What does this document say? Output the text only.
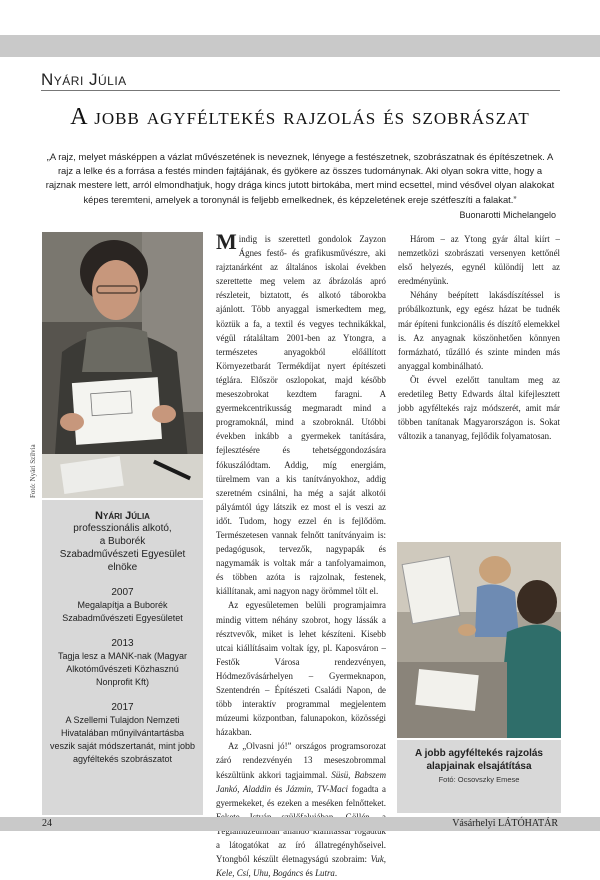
Nyári Júlia
A jobb agyféltekés rajzolás és szobrászat
„A rajz, melyet másképpen a vázlat művészetének is neveznek, lényege a festészetnek, szobrászatnak és építészetnek. A rajz a lelke és a forrása a festés minden fajtájának, és gyökere az összes tudománynak. Aki olyan sokra vitte, hogy a rajznak mestere lett, arról elmondhatjuk, hogy drága kincs jutott birtokába, mert mind ecsettel, mind vésővel olyan alakokat képes teremteni, amelyek a toronynál is feljebb emelkednek, és képzeletének ereje szétfeszíti a falakat.”
Buonarotti Michelangelo
Fotó: Nyári Szilvia
Nyári Júlia
professzionális alkotó,
a Buborék
Szabadművészeti Egyesület
elnöke
2007
Megalapítja a Buborék Szabadművészeti Egyesületet
2013
Tagja lesz a MANK-nak (Magyar Alkotóművészeti Közhasznú Nonprofit Kft)
2017
A Szellemi Tulajdon Nemzeti Hivatalában műnyilvántartásba veszik saját módszertanát, mint jobb agyféltekés szobrászatot

Mindig is szerettetl gondolok Zayzon Ágnes festő- és grafikusművészre, aki rajztanárként az általános iskolai években szerettette meg velem az ábrázolás apró részleteit, biztatott, és alkotó táborokba ajánlott. Több anyaggal ismerkedtem meg, köztük a fa, a textil és vegyes technikákkal, végül rátaláltam 2001-ben az Ytongra, a természetes anyagokból előállított Környezetbarát Termékdíjat nyert építészeti téglára. Először oszlopokat, majd később meseszobrokat kezdtem faragni. A gyermekcentrikusság megmaradt mind a programoknál, mind a szobroknál. Utóbbi években inkább a gyermekek tanítására, fejlesztésére és tehetséggondozására fókuszálódtam. Addig, míg energiám, türelmem van a kis tanítványokhoz, addig szeretném csinálni, ha még a saját alkotói pályámtól úgy látszik ez most el is veszi az időt. Tudom, hogy ezzel én is fejlődöm. Természetesen vannak felnőtt tanítványaim is: pedagógusok, tervezők, nagypapák és nagymamák is voltak már a tanfolyamaimon, és többen azóta is rajzolnak, festenek, kiállítanak, ami nagyon nagy örömmel tölt el.

Az egyesületemen belüli programjaimra mindig vittem néhány szobrot, hogy lássák a résztvevők, miket is lehet készíteni. Kisebb utcai kiállításaim voltak így, pl. Kaposváron – Festők Városa rendezvényen, Hódmezővásárhelyen – Gyermeknapon, Szentendrén – Építészeti Családi Napon, de több interaktív programmal megjelentem múzeumi központban, falunapokon, közösségi házakban.

Az „Olvasni jó!” országos programsorozat záró rendezvényén 13 meseszobrommal készültünk akkori tagjaimmal. Süsü, Babszem Jankó, Aladdin és Jázmin, TV-Maci fogadta a gyermekeket, és ezeken a meséken felnőtteket. a látogatókat az író állatregényhőseivel. Ytongból készült életnagyságú szobraim: Vuk, Kele, Csí, Uhu, Bogáncs és Lutra.

Három – az Ytong gyár által kiírt – nemzetközi szobrászati versenyen kettőnél első helyezés, egynél különdíj lett az eredményünk.

Néhány beépített lakásdíszítéssel is próbálkoztunk, egy egész házat be tudnék már építeni funkcionális és díszítő elemekkel is. Az anyagnak köszönhetően könnyen formázható, tűzálló és szinte minden más anyaggal kombinálható.

Öt évvel ezelőtt tanultam meg az eredetileg Betty Edwards által kifejlesztett jobb agyféltekés rajz módszerét, amit már többen tanítanak Magyarországon is. Sokat változik a tananyag, fejlődik folyamatosan.

A jobb agyféltekés rajzolás alapjainak elsajátítása
Fotó: Ocsovszky Emese
24	Vásárhelyi LÁTÓHATÁR
